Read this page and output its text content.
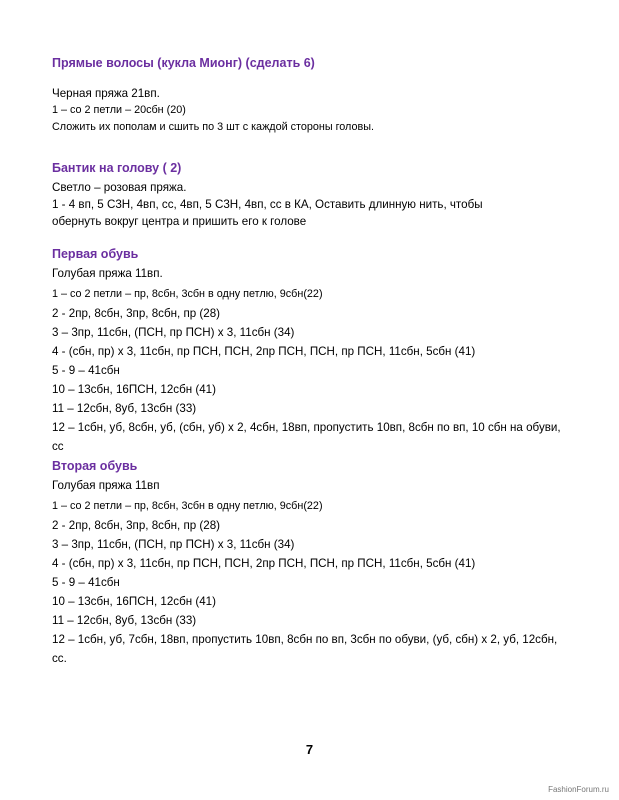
Прямые волосы (кукла Мионг) (сделать 6)
Черная пряжа 21вп.
1 – со 2 петли – 20сбн (20)
Сложить их пополам и сшить по 3 шт с каждой стороны головы.
Бантик на голову ( 2)
Светло – розовая пряжа.
1 - 4 вп, 5 С3Н, 4вп, сс, 4вп, 5 С3Н, 4вп, сс в КА, Оставить длинную нить, чтобы обернуть вокруг центра и пришить его к голове
Первая обувь
Голубая пряжа 11вп.
1 – со 2 петли – пр, 8сбн, 3сбн в одну петлю, 9сбн(22)
2 - 2пр, 8сбн, 3пр, 8сбн, пр (28)
3 – 3пр, 11сбн, (ПСН, пр ПСН) х 3, 11сбн (34)
4 - (сбн, пр) х 3, 11сбн, пр ПСН, ПСН, 2пр ПСН, ПСН, пр ПСН, 11сбн, 5сбн (41)
5 - 9 – 41сбн
10 – 13сбн, 16ПСН, 12сбн (41)
11 – 12сбн, 8уб, 13сбн (33)
12 – 1сбн, уб, 8сбн, уб, (сбн, уб) х 2, 4сбн, 18вп, пропустить 10вп, 8сбн по вп, 10 сбн на обуви, сс
Вторая обувь
Голубая пряжа 11вп
1 – со 2 петли – пр, 8сбн, 3сбн в одну петлю, 9сбн(22)
2 - 2пр, 8сбн, 3пр, 8сбн, пр (28)
3 – 3пр, 11сбн, (ПСН, пр ПСН) х 3, 11сбн (34)
4 - (сбн, пр) х 3, 11сбн, пр ПСН, ПСН, 2пр ПСН, ПСН, пр ПСН, 11сбн, 5сбн (41)
5 - 9 – 41сбн
10 – 13сбн, 16ПСН, 12сбн (41)
11 – 12сбн, 8уб, 13сбн (33)
12 – 1сбн, уб, 7сбн, 18вп, пропустить 10вп, 8сбн по вп, 3сбн по обуви, (уб, сбн) х 2, уб, 12сбн, сс.
7
FashionForum.ru
